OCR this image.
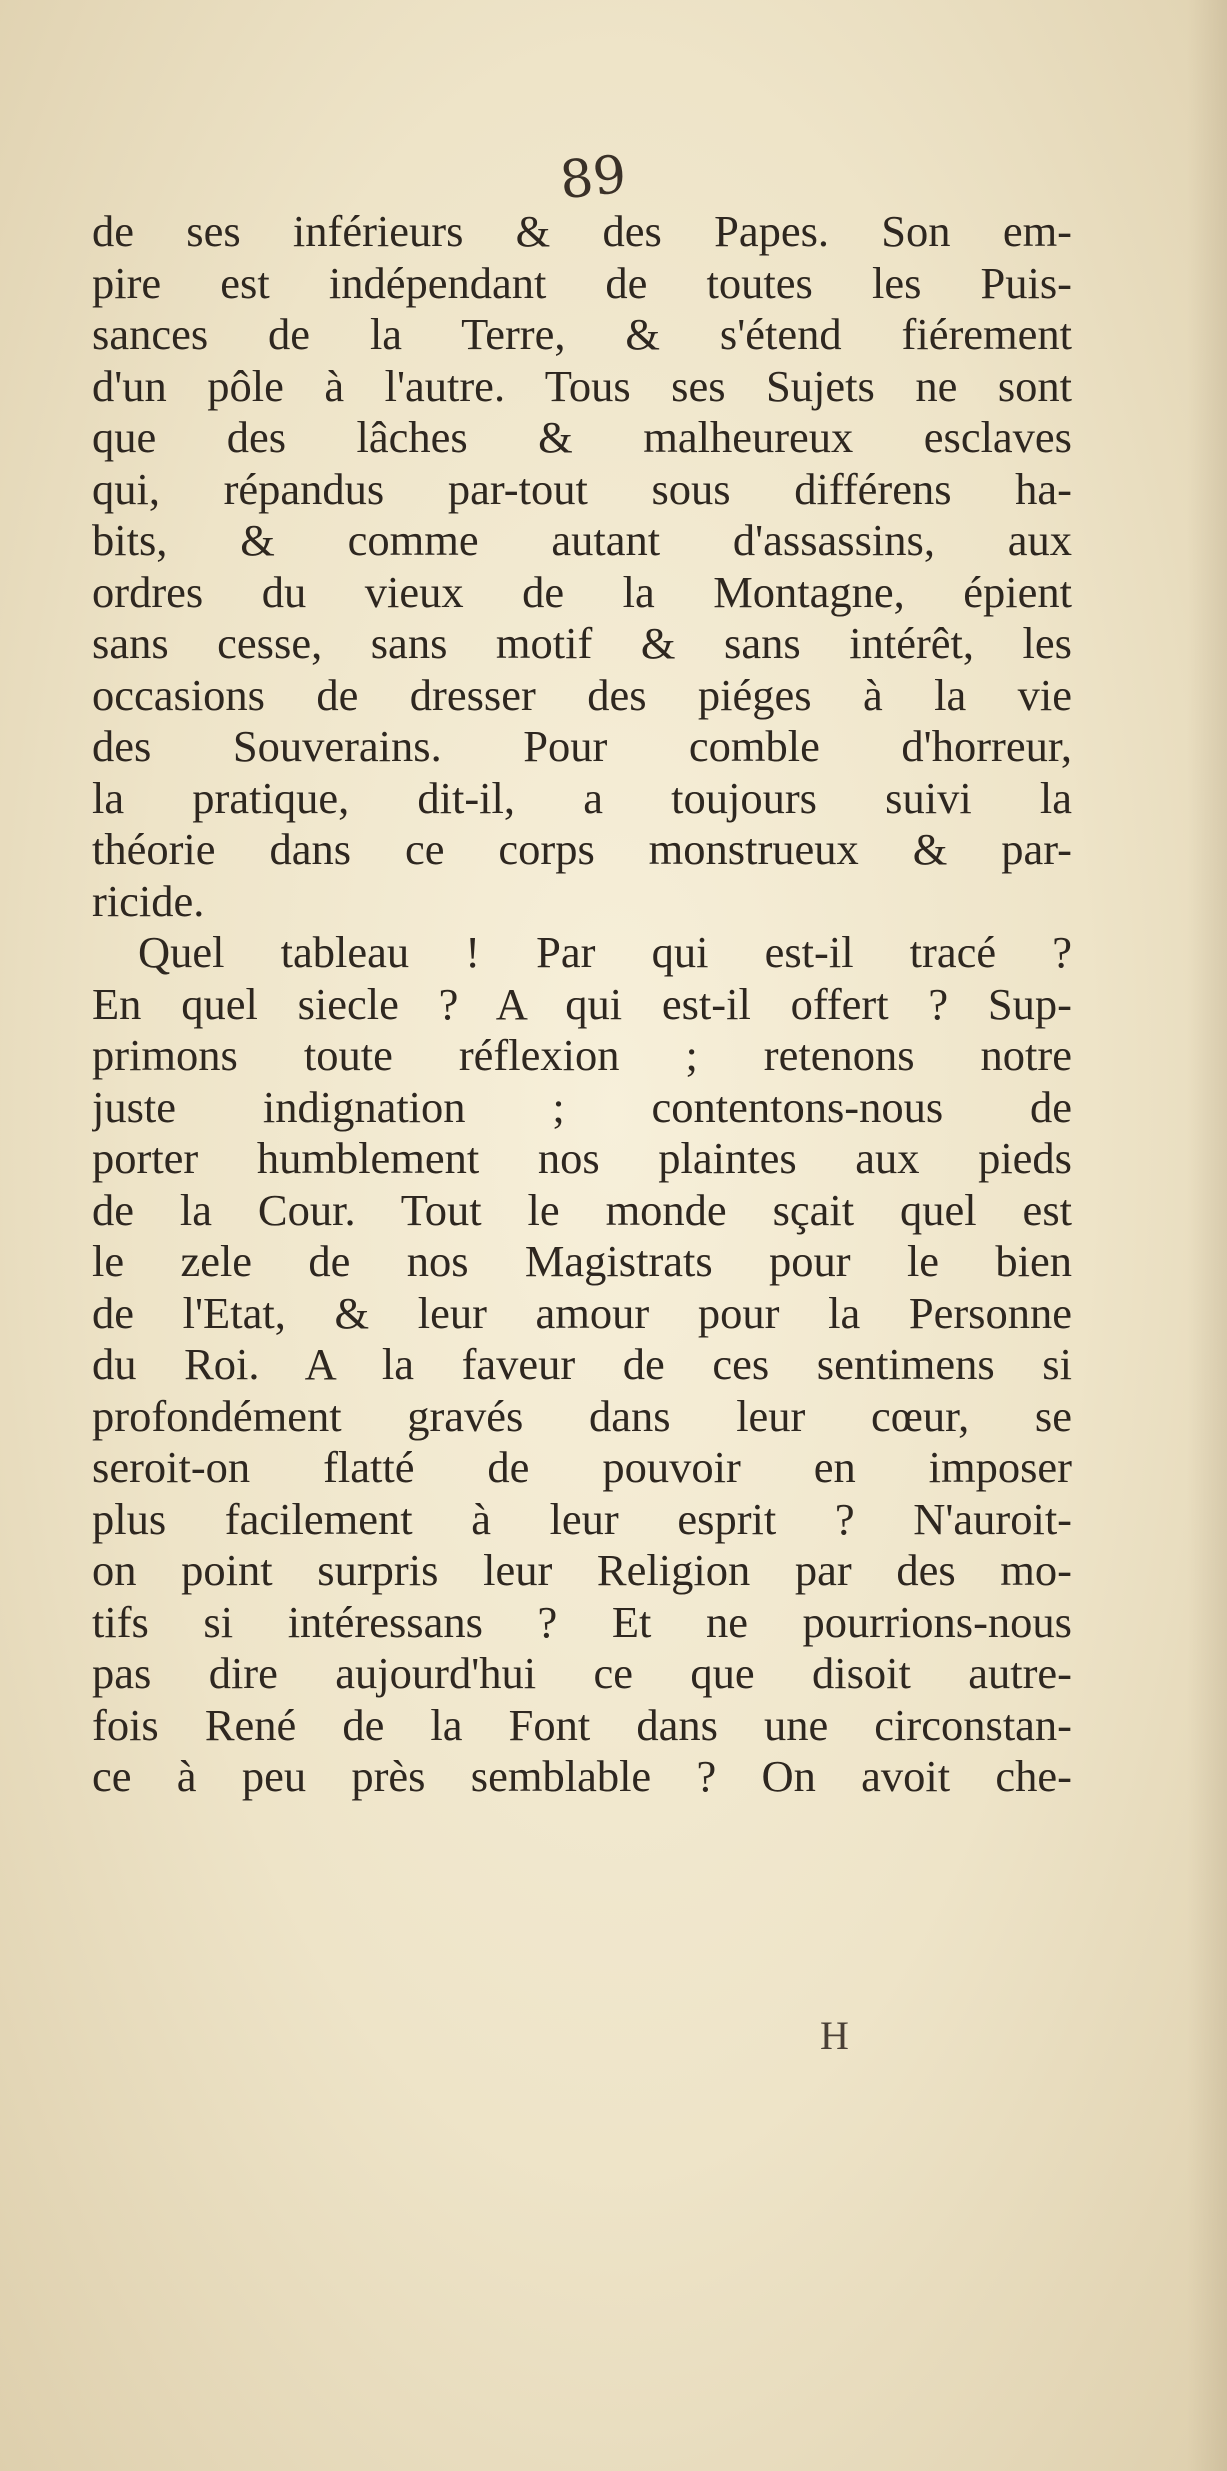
89
de ses inférieurs & des Papes. Son em-
pire est indépendant de toutes les Puis-
sances de la Terre, & s'étend fiérement
d'un pôle à l'autre. Tous ses Sujets ne sont
que des lâches & malheureux esclaves
qui, répandus par-tout sous différens ha-
bits, & comme autant d'assassins, aux
ordres du vieux de la Montagne, épient
sans cesse, sans motif & sans intérêt, les
occasions de dresser des piéges à la vie
des Souverains. Pour comble d'horreur,
la pratique, dit-il, a toujours suivi la
théorie dans ce corps monstrueux & par-
ricide.
Quel tableau ! Par qui est-il tracé ?
En quel siecle ? A qui est-il offert ? Sup-
primons toute réflexion ; retenons notre
juste indignation ; contentons-nous de
porter humblement nos plaintes aux pieds
de la Cour. Tout le monde sçait quel est
le zele de nos Magistrats pour le bien
de l'Etat, & leur amour pour la Personne
du Roi. A la faveur de ces sentimens si
profondément gravés dans leur cœur, se
seroit-on flatté de pouvoir en imposer
plus facilement à leur esprit ? N'auroit-
on point surpris leur Religion par des mo-
tifs si intéressans ? Et ne pourrions-nous
pas dire aujourd'hui ce que disoit autre-
fois René de la Font dans une circonstan-
ce à peu près semblable ? On avoit che-
H
